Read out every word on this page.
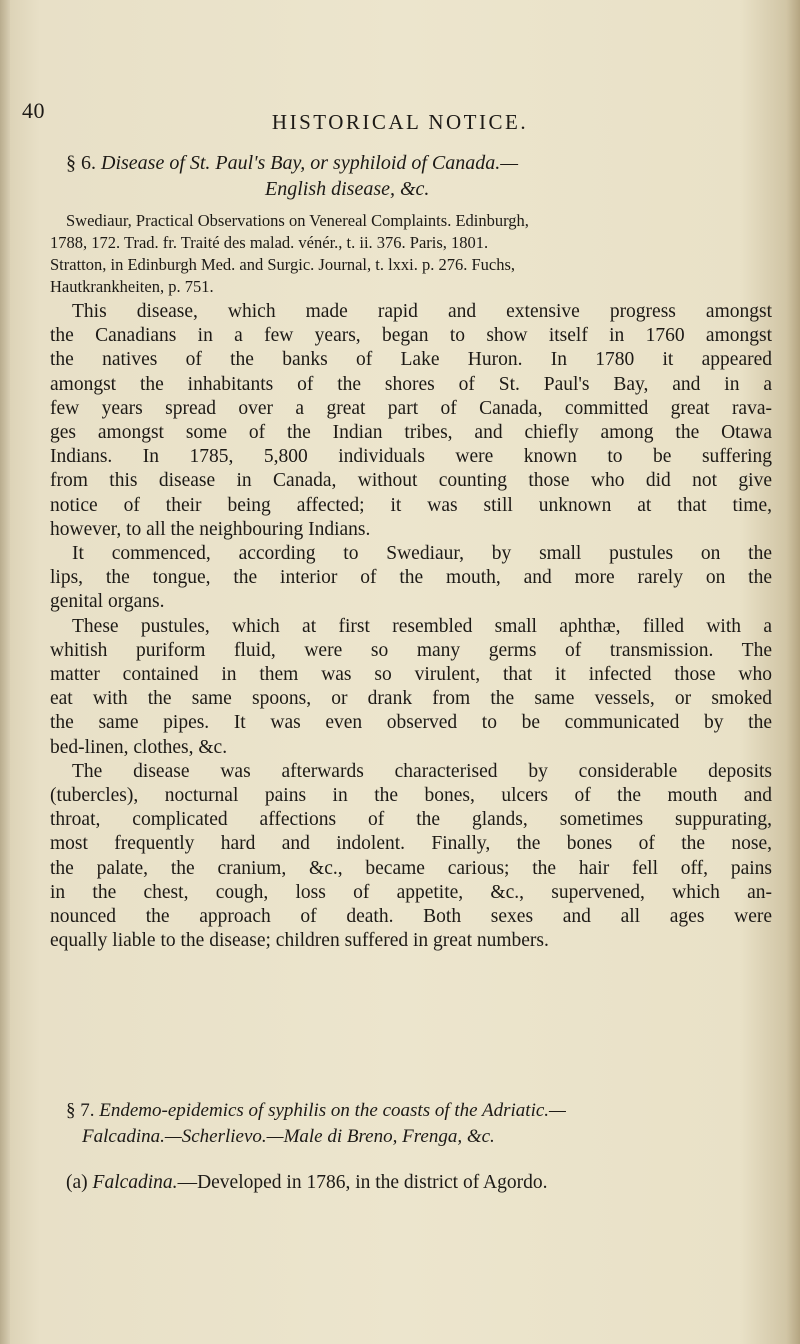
40	HISTORICAL NOTICE.
§ 6. Disease of St. Paul's Bay, or syphiloid of Canada.—
English disease, &c.
Swediaur, Practical Observations on Venereal Complaints. Edinburgh,
1788, 172. Trad. fr. Traité des malad. vénér., t. ii. 376. Paris, 1801.
Stratton, in Edinburgh Med. and Surgic. Journal, t. lxxi. p. 276. Fuchs,
Hautkrankheiten, p. 751.
This disease, which made rapid and extensive progress amongst
the Canadians in a few years, began to show itself in 1760 amongst
the natives of the banks of Lake Huron. In 1780 it appeared
amongst the inhabitants of the shores of St. Paul's Bay, and in a
few years spread over a great part of Canada, committed great rava-
ges amongst some of the Indian tribes, and chiefly among the Otawa
Indians. In 1785, 5,800 individuals were known to be suffering
from this disease in Canada, without counting those who did not give
notice of their being affected; it was still unknown at that time,
however, to all the neighbouring Indians.
It commenced, according to Swediaur, by small pustules on the
lips, the tongue, the interior of the mouth, and more rarely on the
genital organs.
These pustules, which at first resembled small aphthæ, filled with a
whitish puriform fluid, were so many germs of transmission. The
matter contained in them was so virulent, that it infected those who
eat with the same spoons, or drank from the same vessels, or smoked
the same pipes. It was even observed to be communicated by the
bed-linen, clothes, &c.
The disease was afterwards characterised by considerable deposits
(tubercles), nocturnal pains in the bones, ulcers of the mouth and
throat, complicated affections of the glands, sometimes suppurating,
most frequently hard and indolent. Finally, the bones of the nose,
the palate, the cranium, &c., became carious; the hair fell off, pains
in the chest, cough, loss of appetite, &c., supervened, which an-
nounced the approach of death. Both sexes and all ages were
equally liable to the disease; children suffered in great numbers.
§ 7. Endemo-epidemics of syphilis on the coasts of the Adriatic.—
Falcadina.—Scherlievo.—Male di Breno, Frenga, &c.
(a) Falcadina.—Developed in 1786, in the district of Agordo.
